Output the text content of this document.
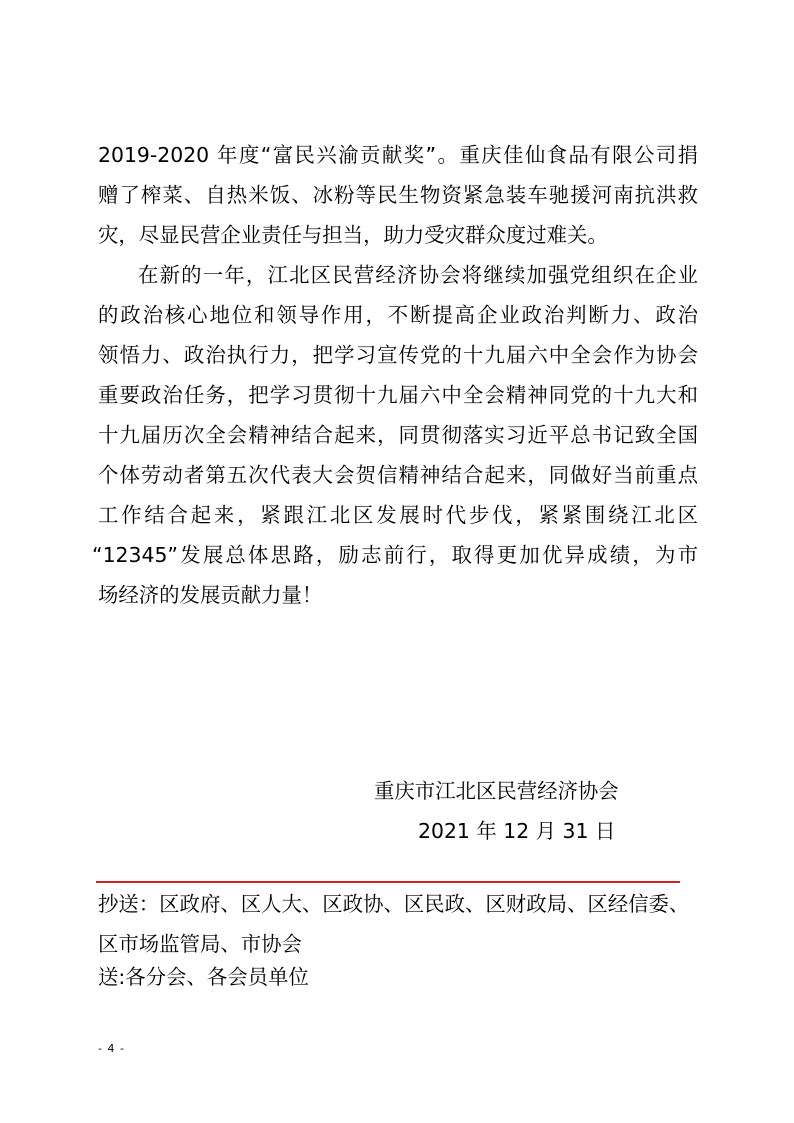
2019-2020 年度“富民兴渝贡献奖”。重庆佳仙食品有限公司捐
赠了榨菜、自热米饭、冰粉等民生物资紧急装车驰援河南抗洪救
灾，尽显民营企业责任与担当，助力受灾群众度过难关。
在新的一年，江北区民营经济协会将继续加强党组织在企业
的政治核心地位和领导作用，不断提高企业政治判断力、政治
领悟力、政治执行力，把学习宣传党的十九届六中全会作为协会
重要政治任务，把学习贯彻十九届六中全会精神同党的十九大和
十九届历次全会精神结合起来，同贯彻落实习近平总书记致全国
个体劳动者第五次代表大会贺信精神结合起来，同做好当前重点
工作结合起来，紧跟江北区发展时代步伐，紧紧围绕江北区
“12345”发展总体思路，励志前行，取得更加优异成绩，为市
场经济的发展贡献力量！
重庆市江北区民营经济协会
2021 年 12 月 31 日
抄送：区政府、区人大、区政协、区民政、区财政局、区经信委、
区市场监管局、市协会
送:各分会、各会员单位
- 4 -
